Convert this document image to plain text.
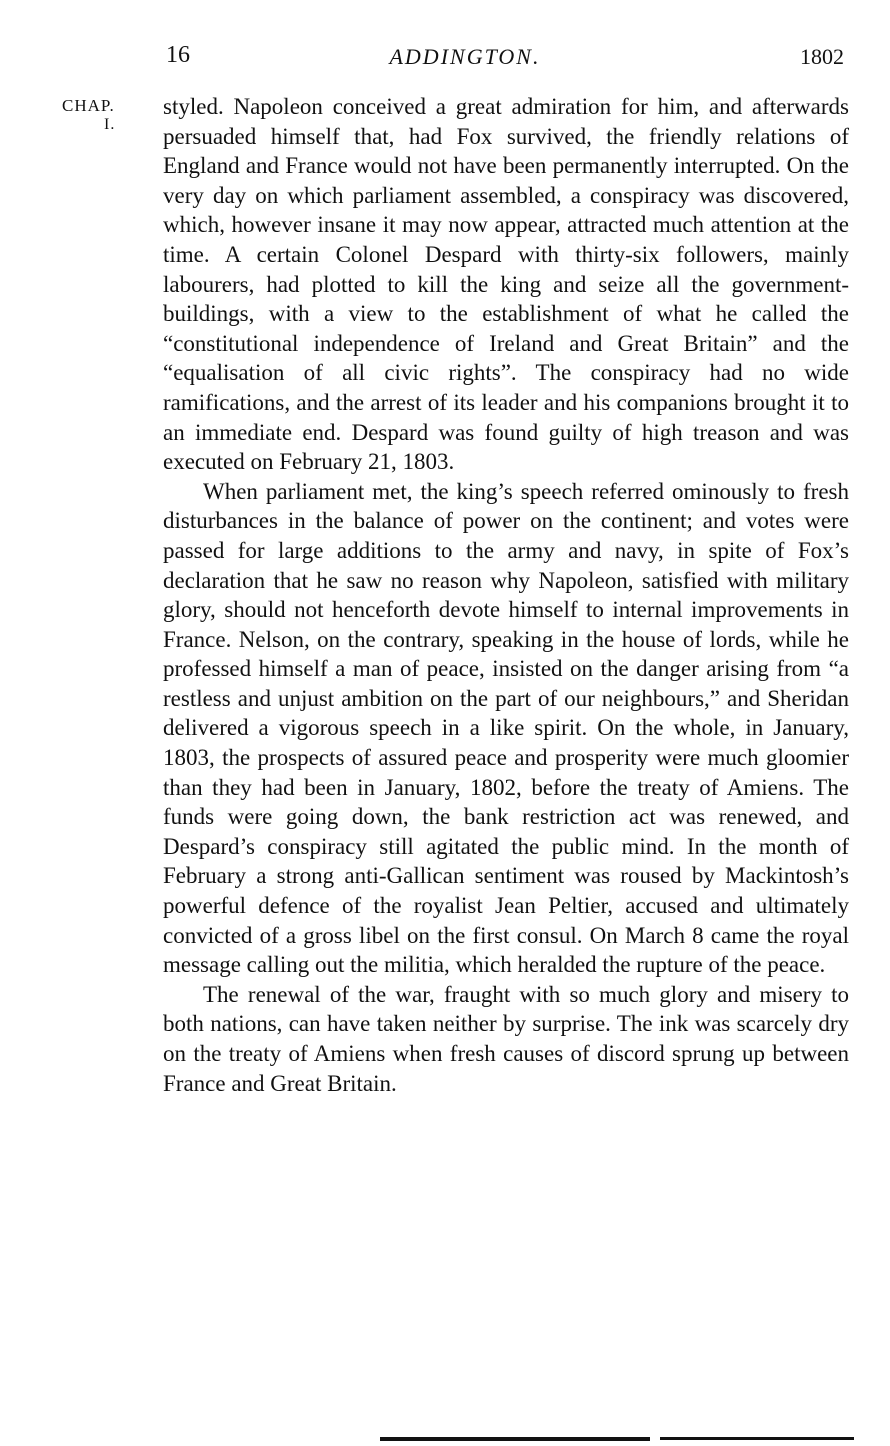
16	ADDINGTON.	1802
CHAP.
I.

styled. Napoleon conceived a great admiration for him, and afterwards persuaded himself that, had Fox survived, the friendly relations of England and France would not have been permanently interrupted. On the very day on which parliament assembled, a conspiracy was discovered, which, however insane it may now appear, attracted much attention at the time. A certain Colonel Despard with thirty-six followers, mainly labourers, had plotted to kill the king and seize all the government-buildings, with a view to the establishment of what he called the “constitutional independence of Ireland and Great Britain” and the “equalisation of all civic rights”. The conspiracy had no wide ramifications, and the arrest of its leader and his companions brought it to an immediate end. Despard was found guilty of high treason and was executed on February 21, 1803.

When parliament met, the king’s speech referred ominously to fresh disturbances in the balance of power on the continent; and votes were passed for large additions to the army and navy, in spite of Fox’s declaration that he saw no reason why Napoleon, satisfied with military glory, should not henceforth devote himself to internal improvements in France. Nelson, on the contrary, speaking in the house of lords, while he professed himself a man of peace, insisted on the danger arising from “a restless and unjust ambition on the part of our neighbours,” and Sheridan delivered a vigorous speech in a like spirit. On the whole, in January, 1803, the prospects of assured peace and prosperity were much gloomier than they had been in January, 1802, before the treaty of Amiens. The funds were going down, the bank restriction act was renewed, and Despard’s conspiracy still agitated the public mind. In the month of February a strong anti-Gallican sentiment was roused by Mackintosh’s powerful defence of the royalist Jean Peltier, accused and ultimately convicted of a gross libel on the first consul. On March 8 came the royal message calling out the militia, which heralded the rupture of the peace.

The renewal of the war, fraught with so much glory and misery to both nations, can have taken neither by surprise. The ink was scarcely dry on the treaty of Amiens when fresh causes of discord sprung up between France and Great Britain.
